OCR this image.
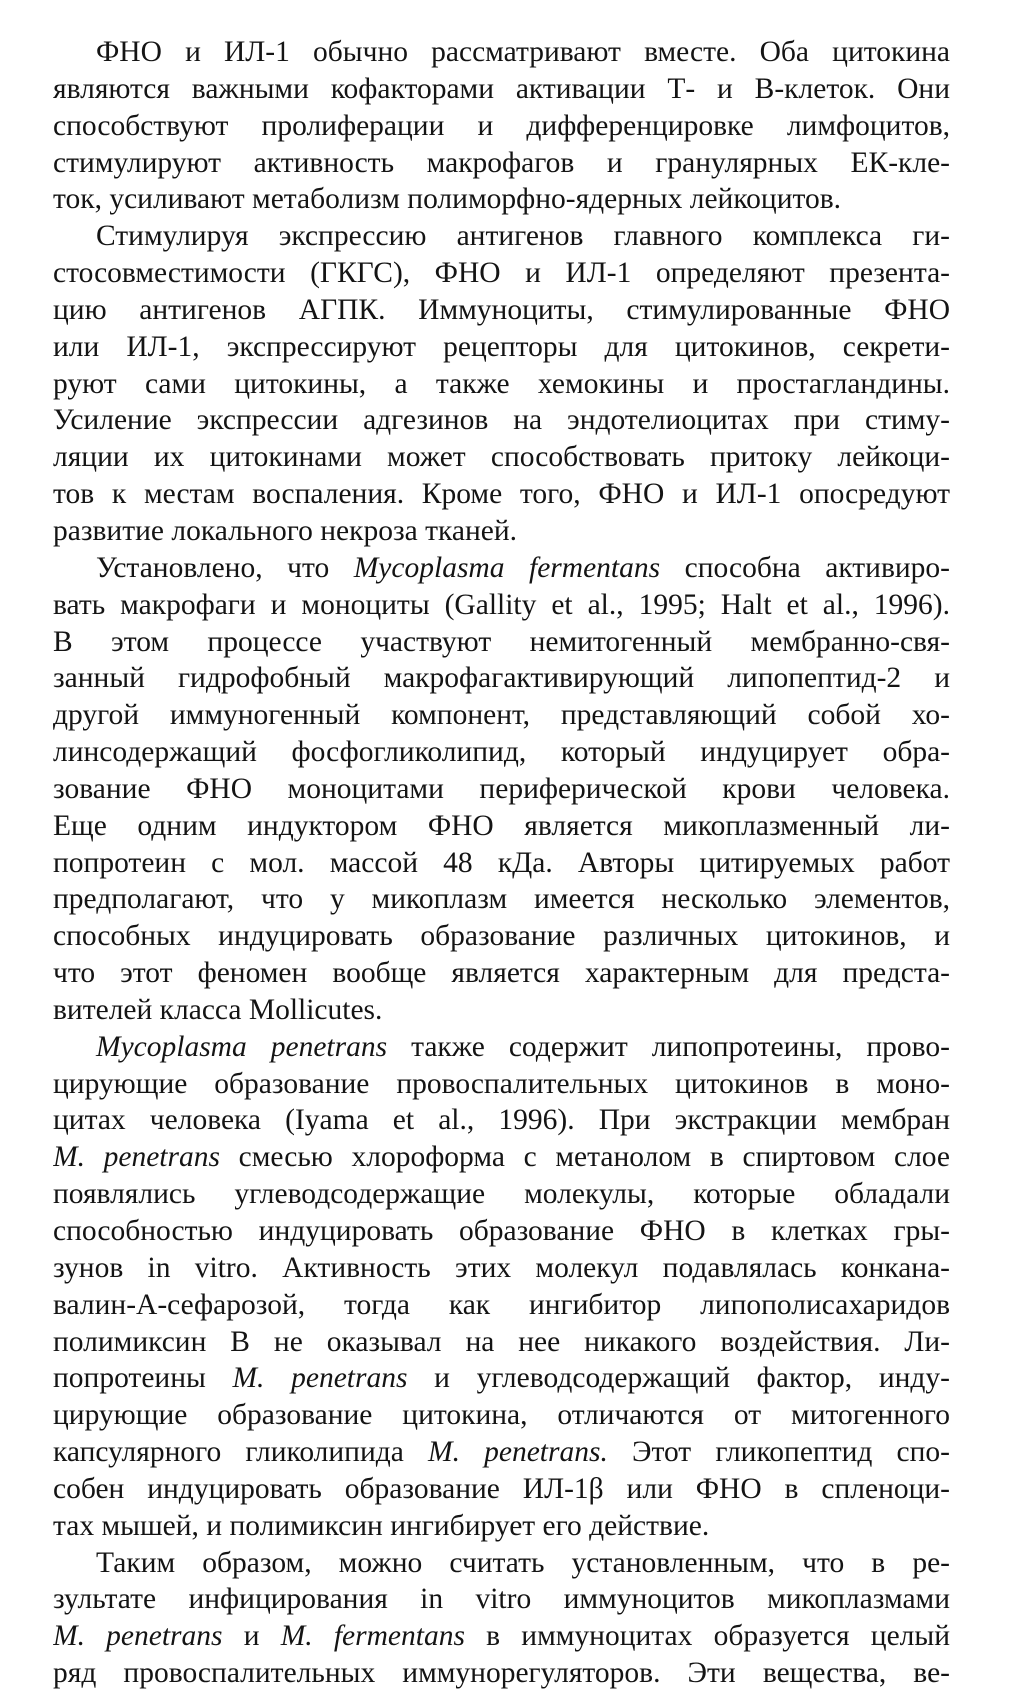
ФНО и ИЛ-1 обычно рассматривают вместе. Оба цитокина
являются важными кофакторами активации Т- и В-клеток. Они
способствуют пролиферации и дифференцировке лимфоцитов,
стимулируют активность макрофагов и гранулярных ЕК-кле-
ток, усиливают метаболизм полиморфно-ядерных лейкоцитов.
Стимулируя экспрессию антигенов главного комплекса ги-
стосовместимости (ГКГС), ФНО и ИЛ-1 определяют презента-
цию антигенов АГПК. Иммуноциты, стимулированные ФНО
или ИЛ-1, экспрессируют рецепторы для цитокинов, секрети-
руют сами цитокины, а также хемокины и простагландины.
Усиление экспрессии адгезинов на эндотелиоцитах при стиму-
ляции их цитокинами может способствовать притоку лейкоци-
тов к местам воспаления. Кроме того, ФНО и ИЛ-1 опосредуют
развитие локального некроза тканей.
Установлено, что Mycoplasma fermentans способна активиро-
вать макрофаги и моноциты (Gallity et al., 1995; Halt et al., 1996).
В этом процессе участвуют немитогенный мембранно-свя-
занный гидрофобный макрофагактивирующий липопептид-2 и
другой иммуногенный компонент, представляющий собой хо-
линсодержащий фосфогликолипид, который индуцирует обра-
зование ФНО моноцитами периферической крови человека.
Еще одним индуктором ФНО является микоплазменный ли-
попротеин с мол. массой 48 кДа. Авторы цитируемых работ
предполагают, что у микоплазм имеется несколько элементов,
способных индуцировать образование различных цитокинов, и
что этот феномен вообще является характерным для предста-
вителей класса Mollicutes.
Mycoplasma penetrans также содержит липопротеины, прово-
цирующие образование провоспалительных цитокинов в моно-
цитах человека (Iyama et al., 1996). При экстракции мембран
M. penetrans смесью хлороформа с метанолом в спиртовом слое
появлялись углеводсодержащие молекулы, которые обладали
способностью индуцировать образование ФНО в клетках гры-
зунов in vitro. Активность этих молекул подавлялась конкана-
валин-А-сефарозой, тогда как ингибитор липополисахаридов
полимиксин В не оказывал на нее никакого воздействия. Ли-
попротеины M. penetrans и углеводсодержащий фактор, инду-
цирующие образование цитокина, отличаются от митогенного
капсулярного гликолипида M. penetrans. Этот гликопептид спо-
собен индуцировать образование ИЛ-1β или ФНО в спленоци-
тах мышей, и полимиксин ингибирует его действие.
Таким образом, можно считать установленным, что в ре-
зультате инфицирования in vitro иммуноцитов микоплазмами
M. penetrans и M. fermentans в иммуноцитах образуется целый
ряд провоспалительных иммунорегуляторов. Эти вещества, ве-
